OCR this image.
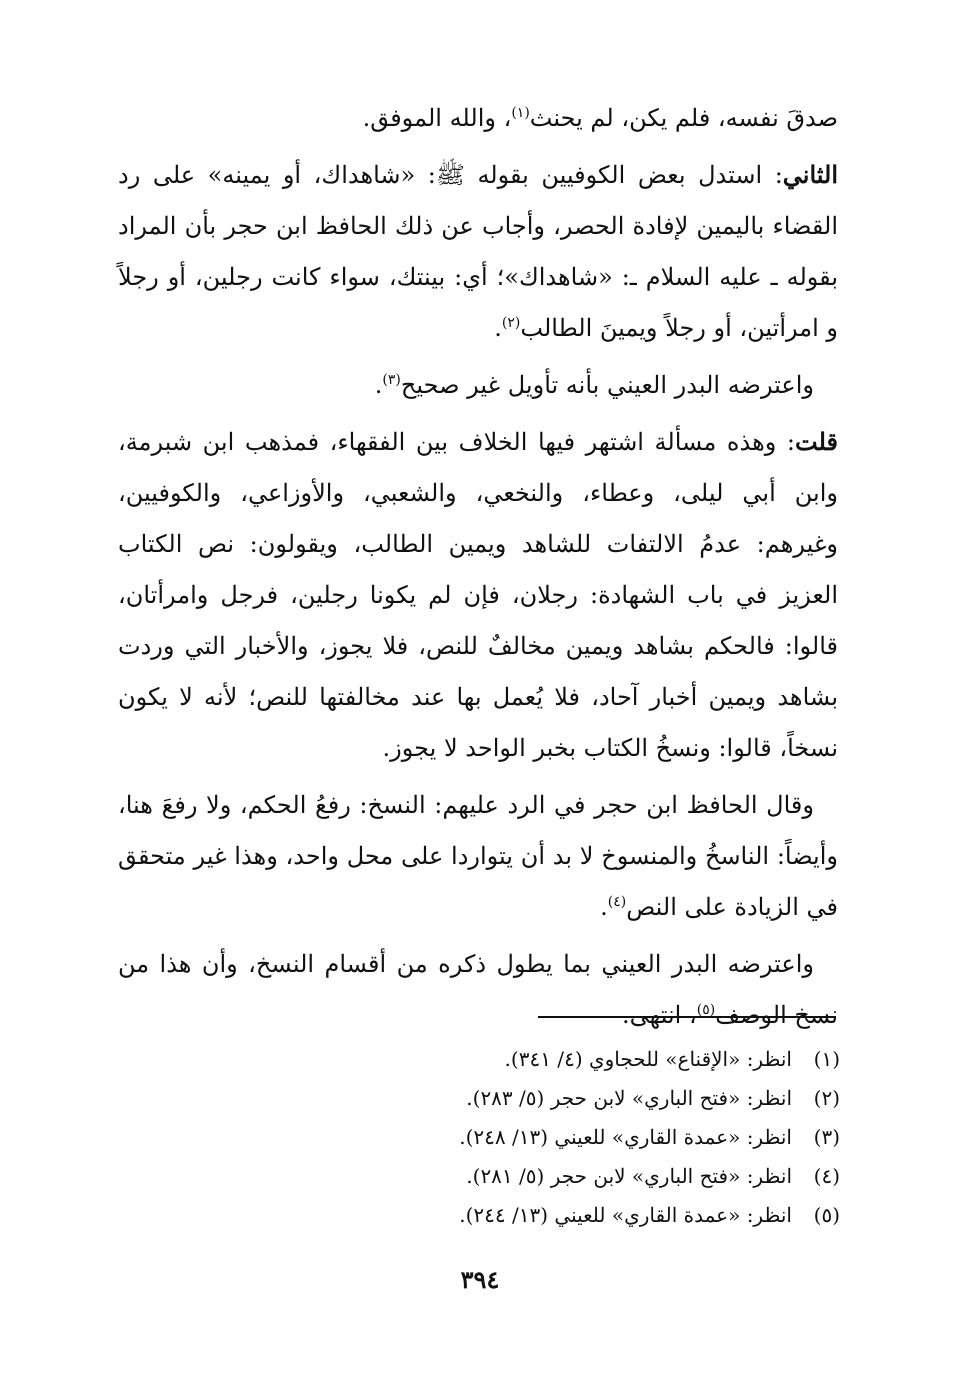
صدقَ نفسه، فلم يكن، لم يحنث$^{(١)}$، والله الموفق.

الثاني: استدل بعض الكوفيين بقوله ﷺ: «شاهداك، أو يمينه» على رد القضاء باليمين لإفادة الحصر، وأجاب عن ذلك الحافظ ابن حجر بأن المراد بقوله ـ عليه السلام ـ: «شاهداك»؛ أي: بينتك، سواء كانت رجلين، أو رجلاً و امرأتين، أو رجلاً ويمينَ الطالب$^{(٢)}$.

واعترضه البدر العيني بأنه تأويل غير صحيح$^{(٣)}$.

قلت: وهذه مسألة اشتهر فيها الخلاف بين الفقهاء، فمذهب ابن شبرمة، وابن أبي ليلى، وعطاء، والنخعي، والشعبي، والأوزاعي، والكوفيين، وغيرهم: عدمُ الالتفات للشاهد ويمين الطالب، ويقولون: نص الكتاب العزيز في باب الشهادة: رجلان، فإن لم يكونا رجلين، فرجل وامرأتان، قالوا: فالحكم بشاهد ويمين مخالفٌ للنص، فلا يجوز، والأخبار التي وردت بشاهد ويمين أخبار آحاد، فلا يُعمل بها عند مخالفتها للنص؛ لأنه لا يكون نسخاً، قالوا: ونسخُ الكتاب بخبر الواحد لا يجوز.

وقال الحافظ ابن حجر في الرد عليهم: النسخ: رفعُ الحكم، ولا رفعَ هنا، وأيضاً: الناسخُ والمنسوخ لا بد أن يتواردا على محل واحد، وهذا غير متحقق في الزيادة على النص$^{(٤)}$.

واعترضه البدر العيني بما يطول ذكره من أقسام النسخ، وأن هذا من نسخ الوصف$^{(٥)}$، انتهى.

(١)انظر: «الإقناع» للحجاوي (٤/ ٣٤١).
(٢)انظر: «فتح الباري» لابن حجر (٥/ ٢٨٣).
(٣)انظر: «عمدة القاري» للعيني (١٣/ ٢٤٨).
(٤)انظر: «فتح الباري» لابن حجر (٥/ ٢٨١).
(٥)انظر: «عمدة القاري» للعيني (١٣/ ٢٤٤).
٣٩٤
